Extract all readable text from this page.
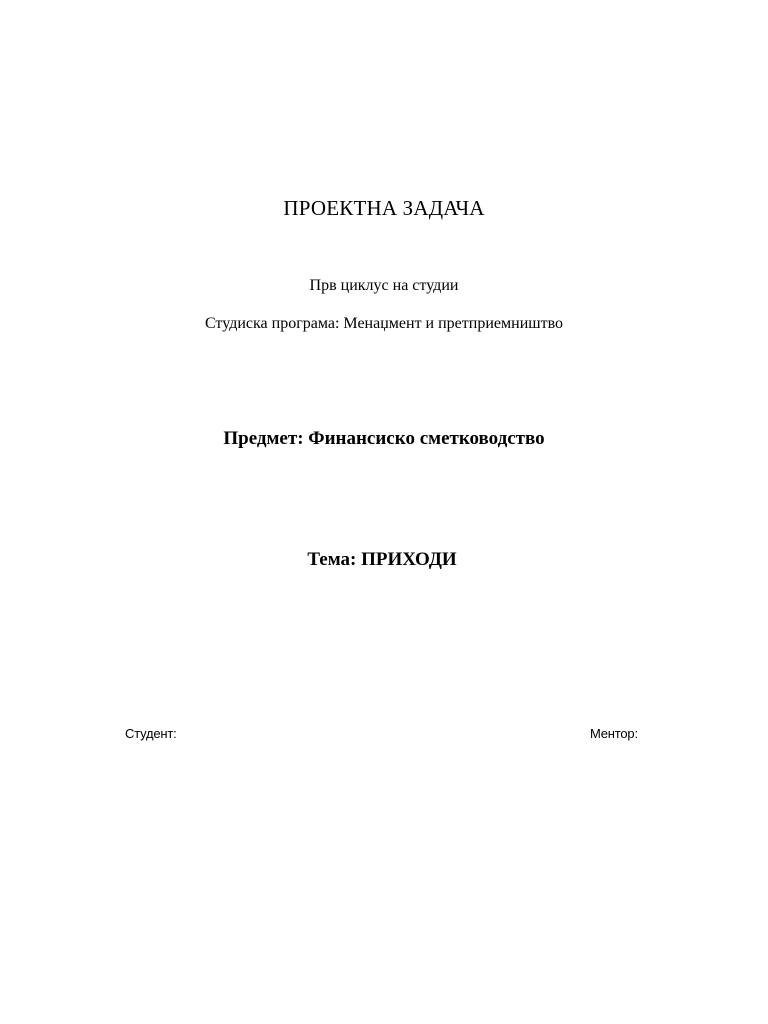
ПРОЕКТНА ЗАДАЧА
Прв циклус на студии
Студиска програма: Менаџмент и претприемништво
Предмет: Финансиско сметководство
Тема: ПРИХОДИ
Студент:	Ментор:
